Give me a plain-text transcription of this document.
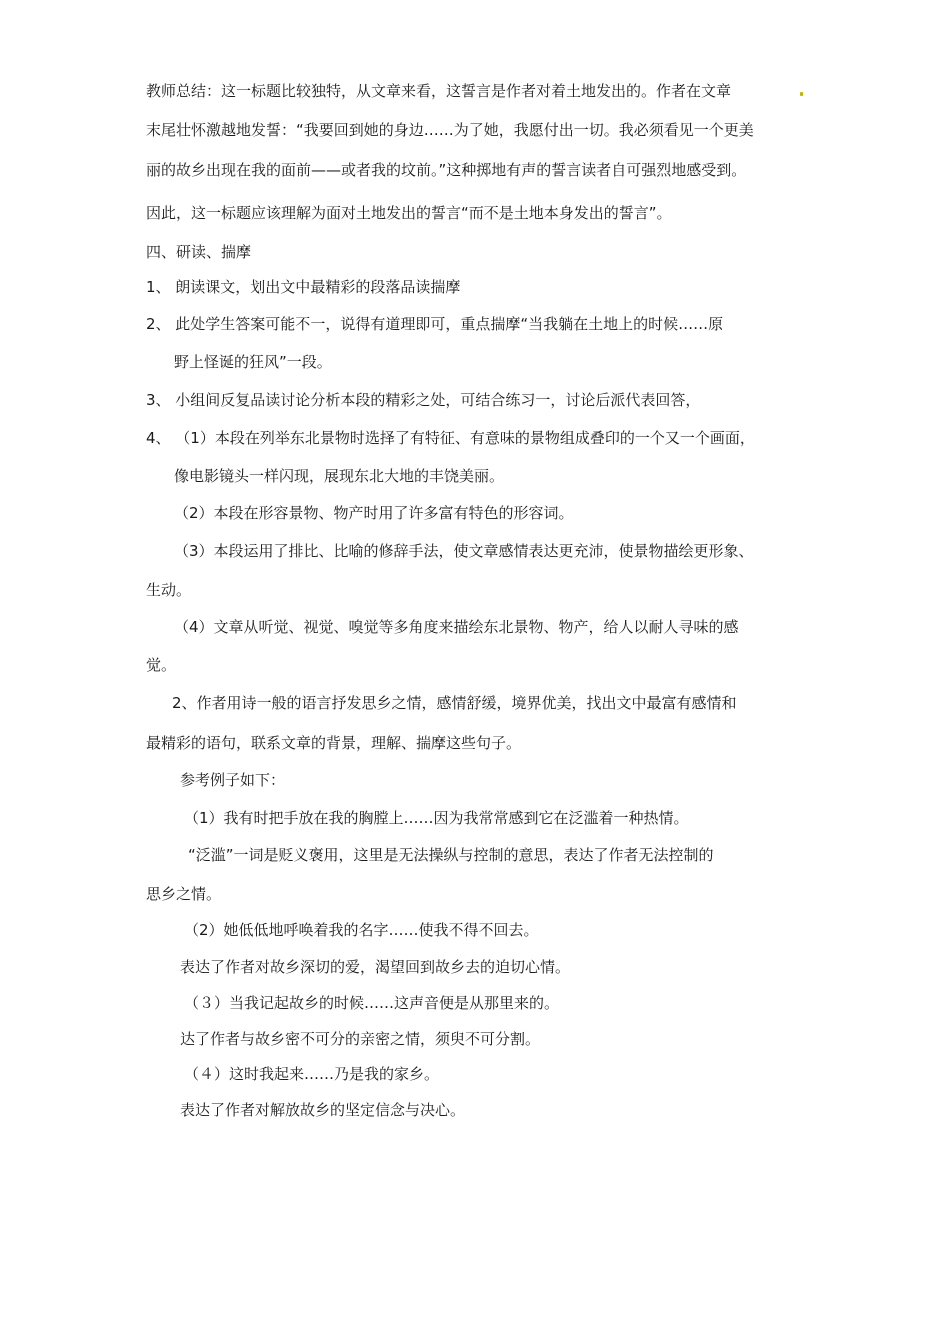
教师总结：这一标题比较独特，从文章来看，这誓言是作者对着土地发出的。作者在文章
末尾壮怀激越地发誓：“我要回到她的身边……为了她，我愿付出一切。我必须看见一个更美
丽的故乡出现在我的面前——或者我的坟前。”这种掷地有声的誓言读者自可强烈地感受到。
因此，这一标题应该理解为面对土地发出的誓言“而不是土地本身发出的誓言”。
四、研读、揣摩
1、 朗读课文，划出文中最精彩的段落品读揣摩
2、 此处学生答案可能不一，说得有道理即可，重点揣摩“当我躺在土地上的时候……原
野上怪诞的狂风”一段。
3、 小组间反复品读讨论分析本段的精彩之处，可结合练习一，讨论后派代表回答，
4、 （1）本段在列举东北景物时选择了有特征、有意味的景物组成叠印的一个又一个画面，
像电影镜头一样闪现，展现东北大地的丰饶美丽。
（2）本段在形容景物、物产时用了许多富有特色的形容词。
（3）本段运用了排比、比喻的修辞手法，使文章感情表达更充沛，使景物描绘更形象、
生动。
（4）文章从听觉、视觉、嗅觉等多角度来描绘东北景物、物产，给人以耐人寻味的感
觉。
2、作者用诗一般的语言抒发思乡之情，感情舒缓，境界优美，找出文中最富有感情和
最精彩的语句，联系文章的背景，理解、揣摩这些句子。
参考例子如下：
（1）我有时把手放在我的胸膛上……因为我常常感到它在泛滥着一种热情。
“泛滥”一词是贬义褒用，这里是无法操纵与控制的意思，表达了作者无法控制的
思乡之情。
（2）她低低地呼唤着我的名字……使我不得不回去。
表达了作者对故乡深切的爱，渴望回到故乡去的迫切心情。
（３）当我记起故乡的时候……这声音便是从那里来的。
达了作者与故乡密不可分的亲密之情，须臾不可分割。
（４）这时我起来……乃是我的家乡。
表达了作者对解放故乡的坚定信念与决心。
